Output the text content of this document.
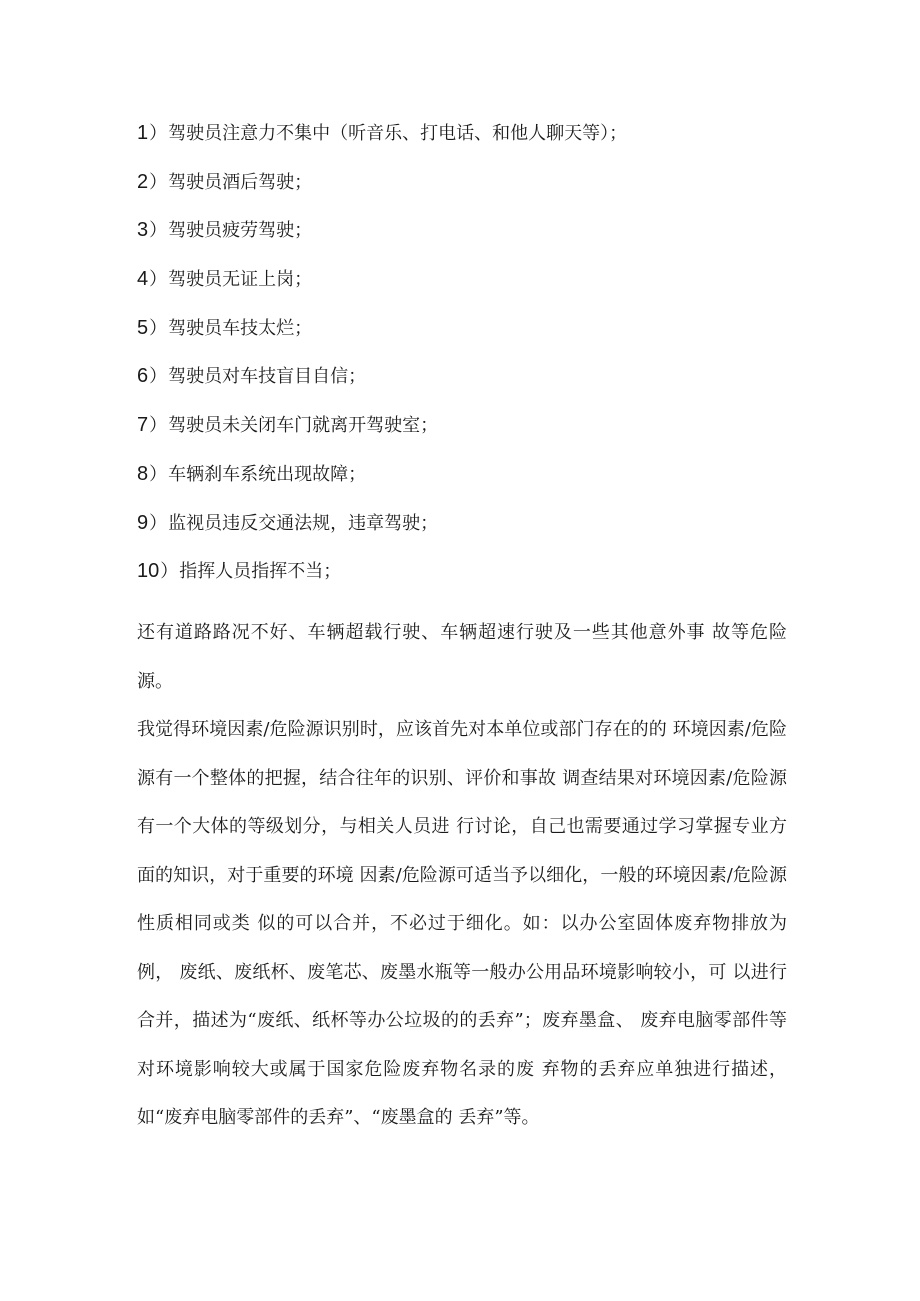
1）驾驶员注意力不集中（听音乐、打电话、和他人聊天等）；
2）驾驶员酒后驾驶；
3）驾驶员疲劳驾驶；
4）驾驶员无证上岗；
5）驾驶员车技太烂；
6）驾驶员对车技盲目自信；
7）驾驶员未关闭车门就离开驾驶室；
8）车辆刹车系统出现故障；
9）监视员违反交通法规，违章驾驶；
10）指挥人员指挥不当；

还有道路路况不好、车辆超载行驶、车辆超速行驶及一些其他意外事 故等危险源。

我觉得环境因素/危险源识别时，应该首先对本单位或部门存在的的 环境因素/危险源有一个整体的把握，结合往年的识别、评价和事故 调查结果对环境因素/危险源有一个大体的等级划分，与相关人员进 行讨论，自己也需要通过学习掌握专业方面的知识，对于重要的环境 因素/危险源可适当予以细化，一般的环境因素/危险源性质相同或类 似的可以合并，不必过于细化。如：以办公室固体废弃物排放为例， 废纸、废纸杯、废笔芯、废墨水瓶等一般办公用品环境影响较小，可 以进行合并，描述为“废纸、纸杯等办公垃圾的的丢弃”；废弃墨盒、 废弃电脑零部件等对环境影响较大或属于国家危险废弃物名录的废 弃物的丢弃应单独进行描述，如“废弃电脑零部件的丢弃”、“废墨盒的 丢弃”等。
